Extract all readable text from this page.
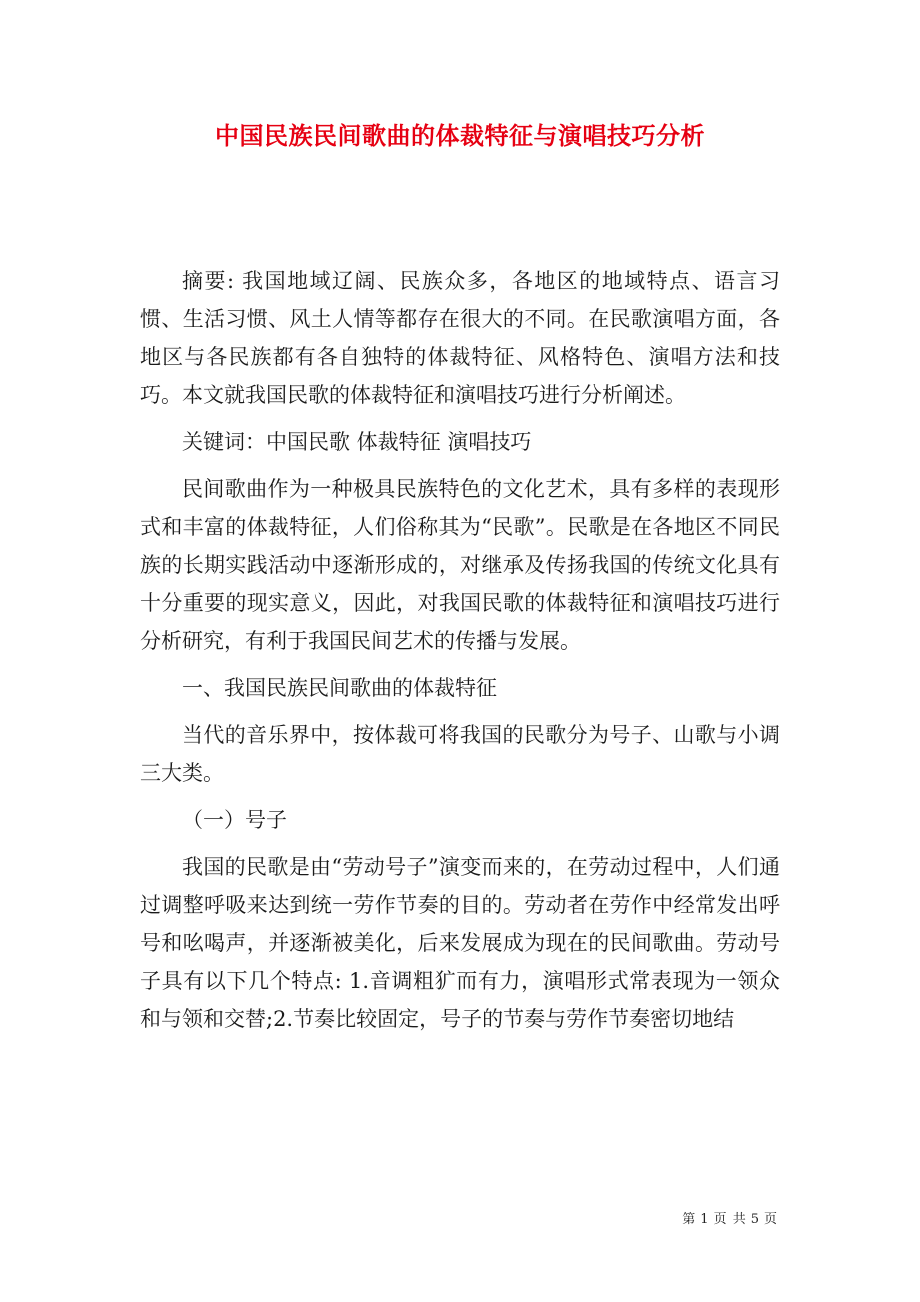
中国民族民间歌曲的体裁特征与演唱技巧分析

摘要: 我国地域辽阔、民族众多，各地区的地域特点、语言习惯、生活习惯、风土人情等都存在很大的不同。在民歌演唱方面，各地区与各民族都有各自独特的体裁特征、风格特色、演唱方法和技巧。本文就我国民歌的体裁特征和演唱技巧进行分析阐述。

关键词：中国民歌 体裁特征 演唱技巧

民间歌曲作为一种极具民族特色的文化艺术，具有多样的表现形式和丰富的体裁特征，人们俗称其为“民歌”。民歌是在各地区不同民族的长期实践活动中逐渐形成的，对继承及传扬我国的传统文化具有十分重要的现实意义，因此，对我国民歌的体裁特征和演唱技巧进行分析研究，有利于我国民间艺术的传播与发展。

一、我国民族民间歌曲的体裁特征

当代的音乐界中，按体裁可将我国的民歌分为号子、山歌与小调三大类。

（一）号子

我国的民歌是由“劳动号子”演变而来的，在劳动过程中，人们通过调整呼吸来达到统一劳作节奏的目的。劳动者在劳作中经常发出呼号和吆喝声，并逐渐被美化，后来发展成为现在的民间歌曲。劳动号子具有以下几个特点: 1.音调粗犷而有力，演唱形式常表现为一领众和与领和交替;2.节奏比较固定，号子的节奏与劳作节奏密切地结

第 1 页 共 5 页
